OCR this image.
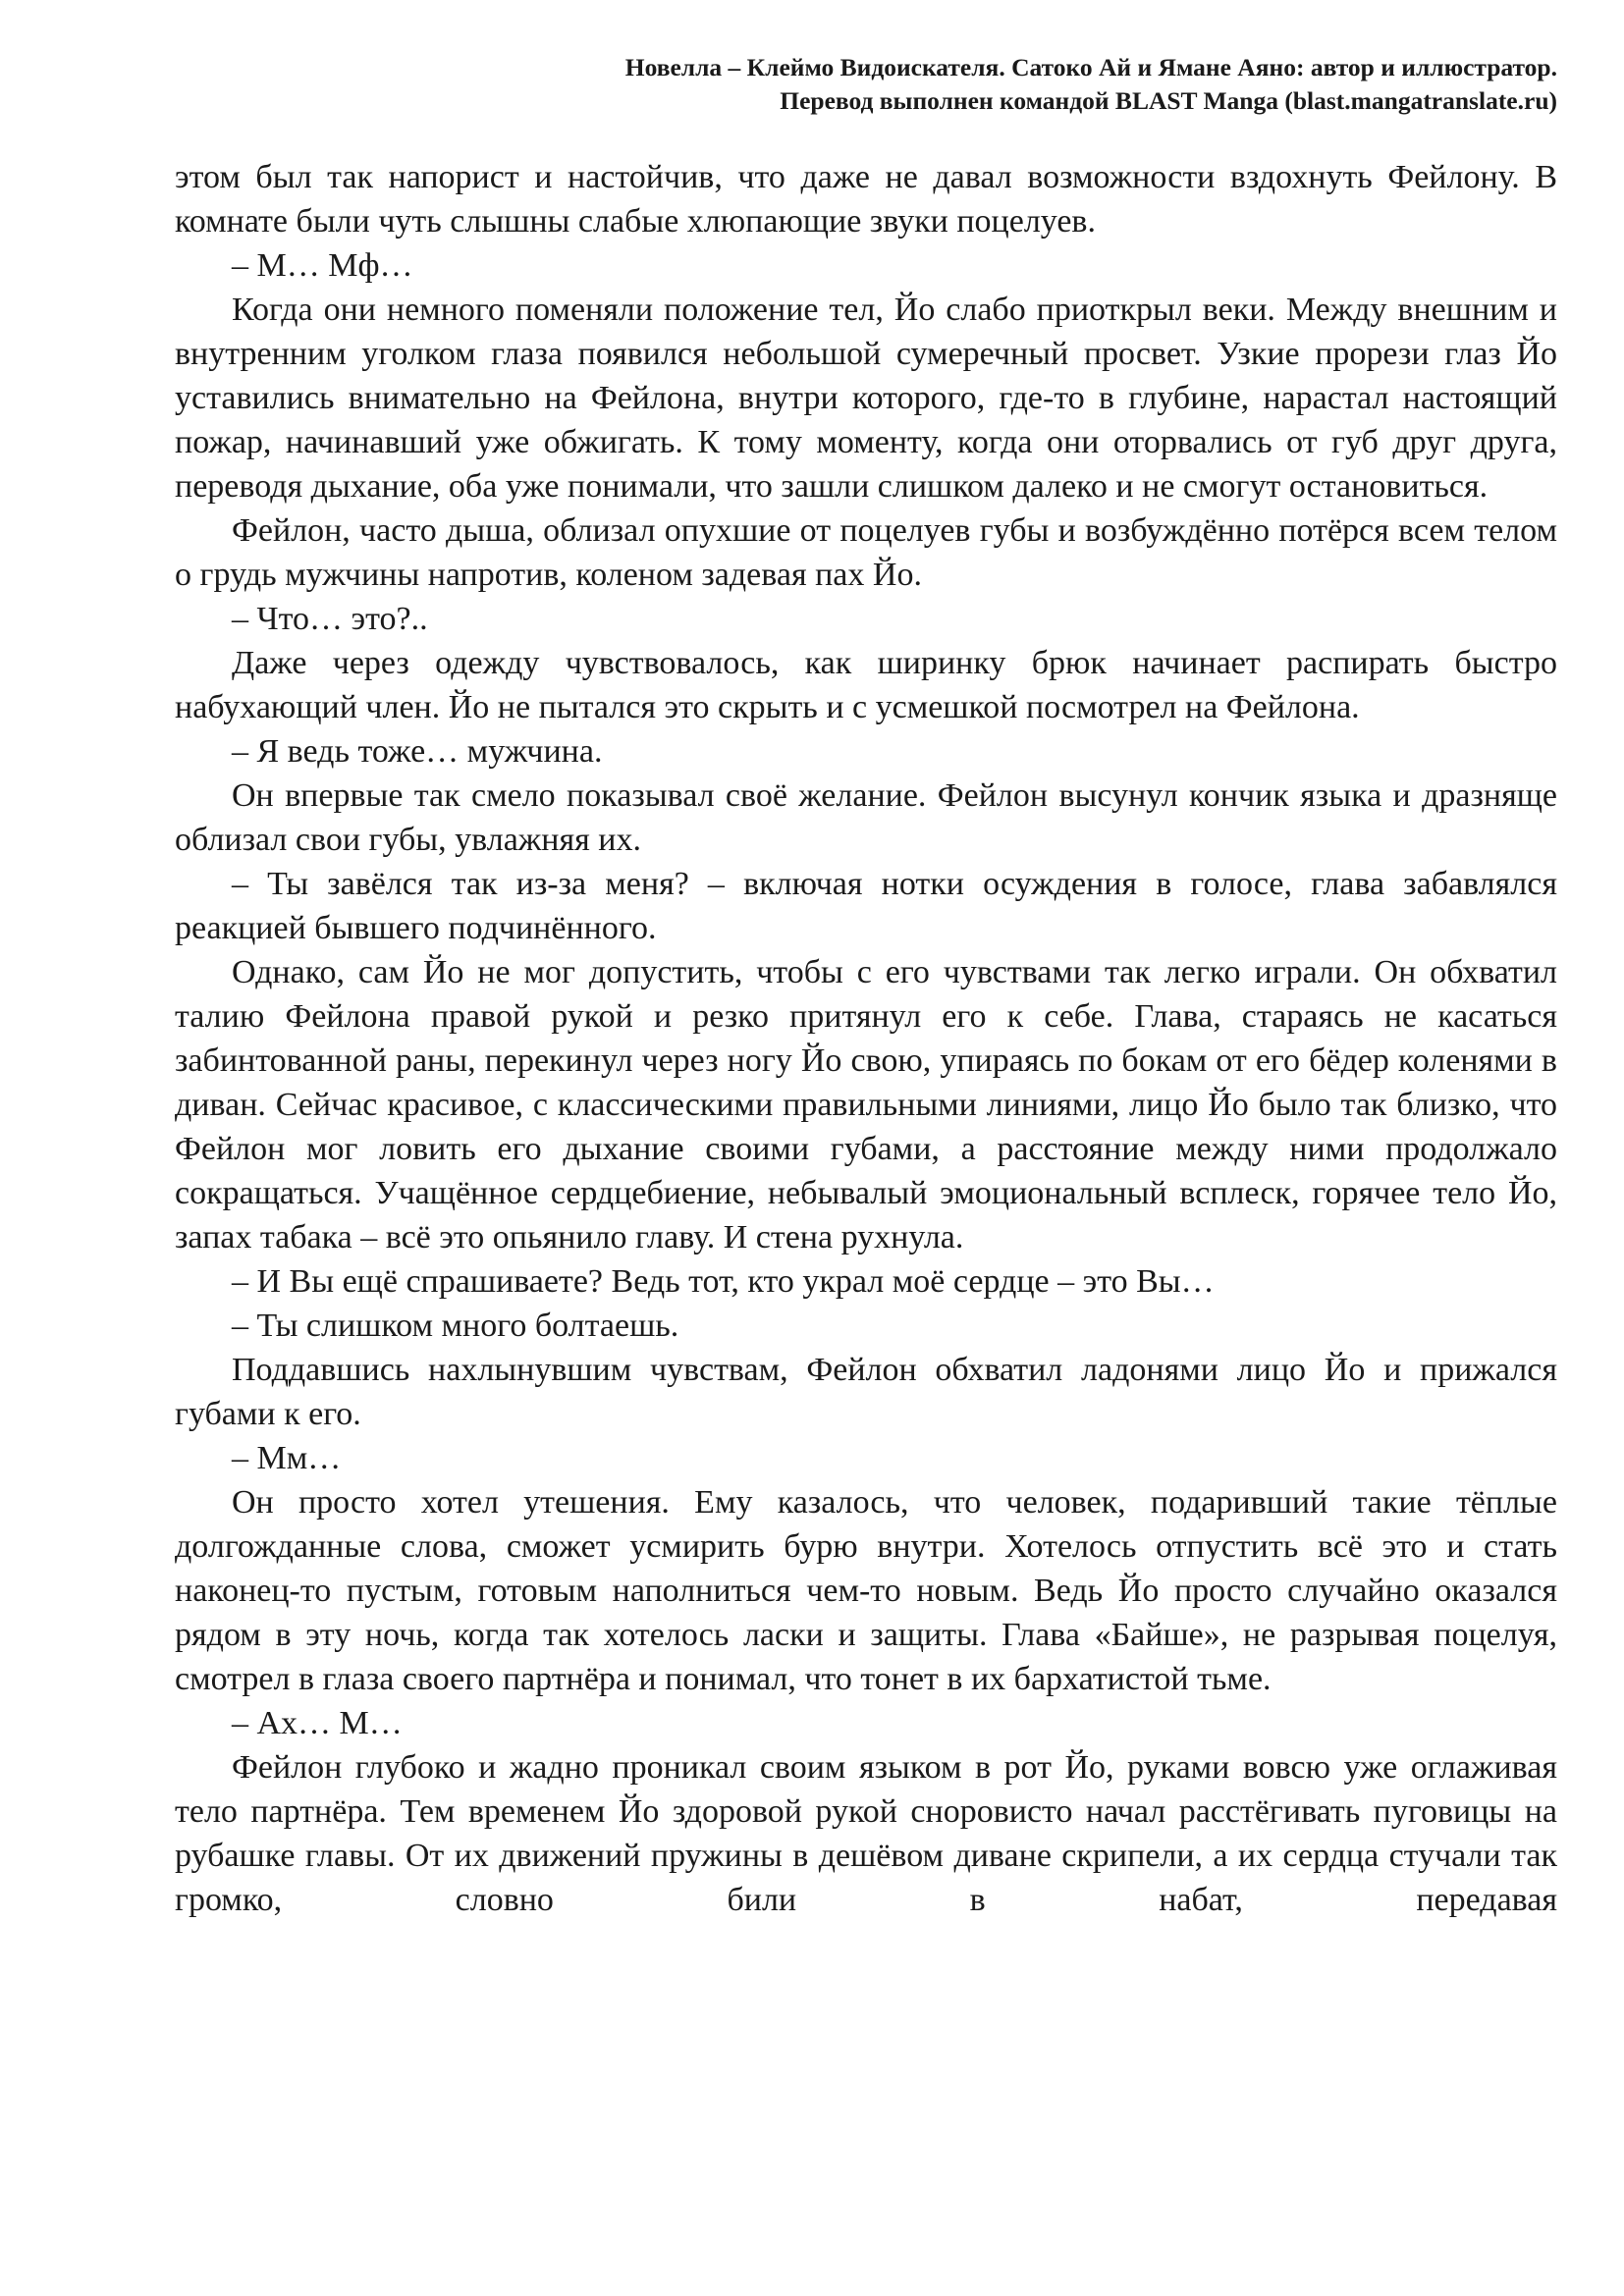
Новелла – Клеймо Видоискателя. Сатоко Ай и Ямане Аяно: автор и иллюстратор.
Перевод выполнен командой BLAST Manga (blast.mangatranslate.ru)

этом был так напорист и настойчив, что даже не давал возможности вздохнуть Фейлону. В комнате были чуть слышны слабые хлюпающие звуки поцелуев.

– М… Мф…

Когда они немного поменяли положение тел, Йо слабо приоткрыл веки. Между внешним и внутренним уголком глаза появился небольшой сумеречный просвет. Узкие прорези глаз Йо уставились внимательно на Фейлона, внутри которого, где-то в глубине, нарастал настоящий пожар, начинавший уже обжигать. К тому моменту, когда они оторвались от губ друг друга, переводя дыхание, оба уже понимали, что зашли слишком далеко и не смогут остановиться.

Фейлон, часто дыша, облизал опухшие от поцелуев губы и возбуждённо потёрся всем телом о грудь мужчины напротив, коленом задевая пах Йо.

– Что… это?..

Даже через одежду чувствовалось, как ширинку брюк начинает распирать быстро набухающий член. Йо не пытался это скрыть и с усмешкой посмотрел на Фейлона.

– Я ведь тоже… мужчина.

Он впервые так смело показывал своё желание. Фейлон высунул кончик языка и дразняще облизал свои губы, увлажняя их.

– Ты завёлся так из-за меня? – включая нотки осуждения в голосе, глава забавлялся реакцией бывшего подчинённого.

Однако, сам Йо не мог допустить, чтобы с его чувствами так легко играли. Он обхватил талию Фейлона правой рукой и резко притянул его к себе. Глава, стараясь не касаться забинтованной раны, перекинул через ногу Йо свою, упираясь по бокам от его бёдер коленями в диван. Сейчас красивое, с классическими правильными линиями, лицо Йо было так близко, что Фейлон мог ловить его дыхание своими губами, а расстояние между ними продолжало сокращаться. Учащённое сердцебиение, небывалый эмоциональный всплеск, горячее тело Йо, запах табака – всё это опьянило главу. И стена рухнула.

– И Вы ещё спрашиваете? Ведь тот, кто украл моё сердце – это Вы…

– Ты слишком много болтаешь.

Поддавшись нахлынувшим чувствам, Фейлон обхватил ладонями лицо Йо и прижался губами к его.

– Мм…

Он просто хотел утешения. Ему казалось, что человек, подаривший такие тёплые долгожданные слова, сможет усмирить бурю внутри. Хотелось отпустить всё это и стать наконец-то пустым, готовым наполниться чем-то новым. Ведь Йо просто случайно оказался рядом в эту ночь, когда так хотелось ласки и защиты. Глава «Байше», не разрывая поцелуя, смотрел в глаза своего партнёра и понимал, что тонет в их бархатистой тьме.

– Ах… М…

Фейлон глубоко и жадно проникал своим языком в рот Йо, руками вовсю уже оглаживая тело партнёра. Тем временем Йо здоровой рукой сноровисто начал расстёгивать пуговицы на рубашке главы. От их движений пружины в дешёвом диване скрипели, а их сердца стучали так громко, словно били в набат, передавая
